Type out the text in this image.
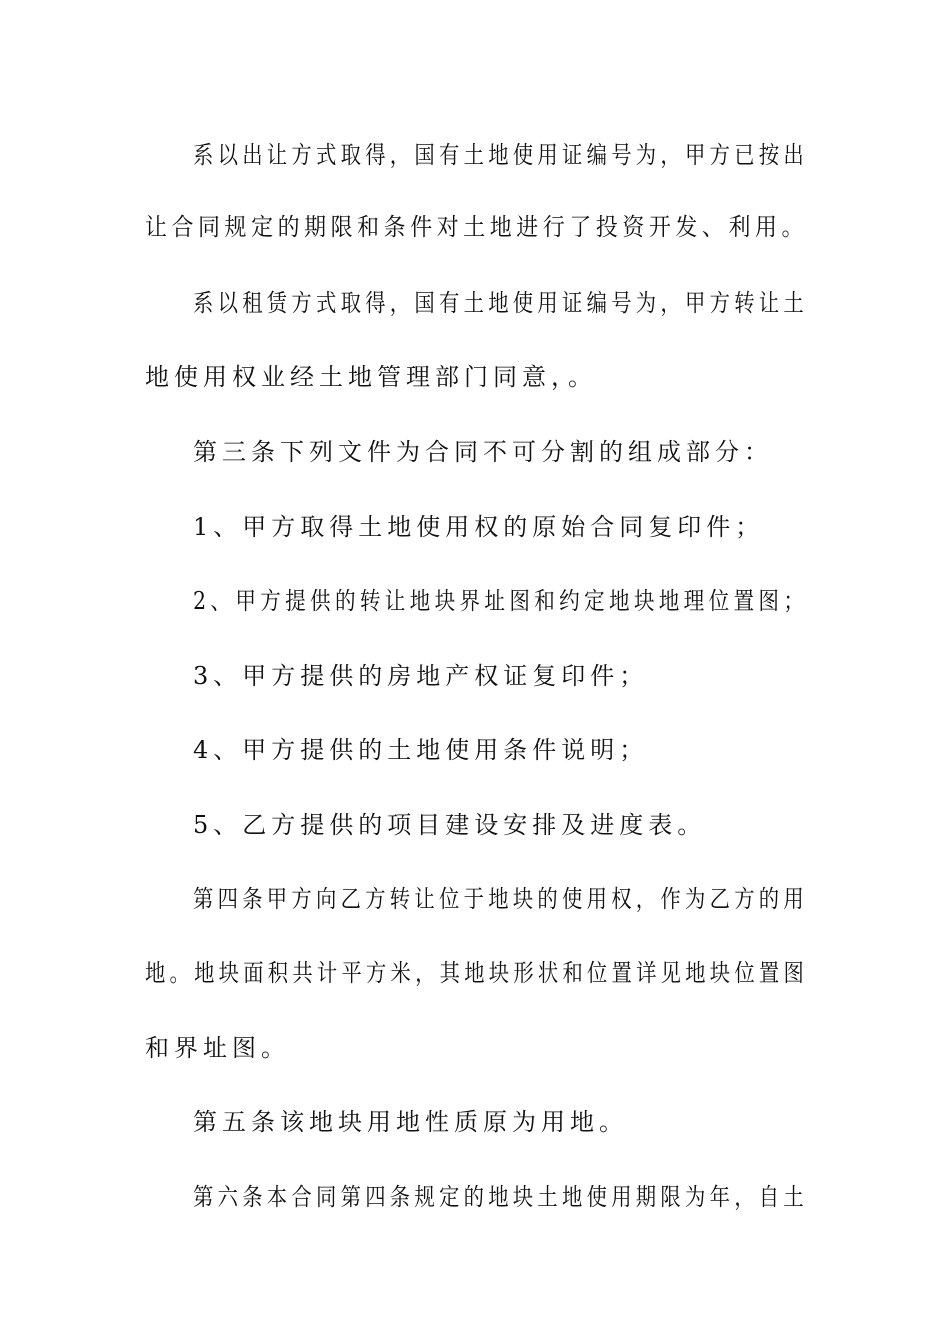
系以出让方式取得，国有土地使用证编号为，甲方已按出
让合同规定的期限和条件对土地进行了投资开发、利用。
系以租赁方式取得，国有土地使用证编号为，甲方转让土
地使用权业经土地管理部门同意，。
第三条下列文件为合同不可分割的组成部分：
1、甲方取得土地使用权的原始合同复印件；
2、甲方提供的转让地块界址图和约定地块地理位置图；
3、甲方提供的房地产权证复印件；
4、甲方提供的土地使用条件说明；
5、乙方提供的项目建设安排及进度表。
第四条甲方向乙方转让位于地块的使用权，作为乙方的用
地。地块面积共计平方米，其地块形状和位置详见地块位置图
和界址图。
第五条该地块用地性质原为用地。
第六条本合同第四条规定的地块土地使用期限为年，自土
